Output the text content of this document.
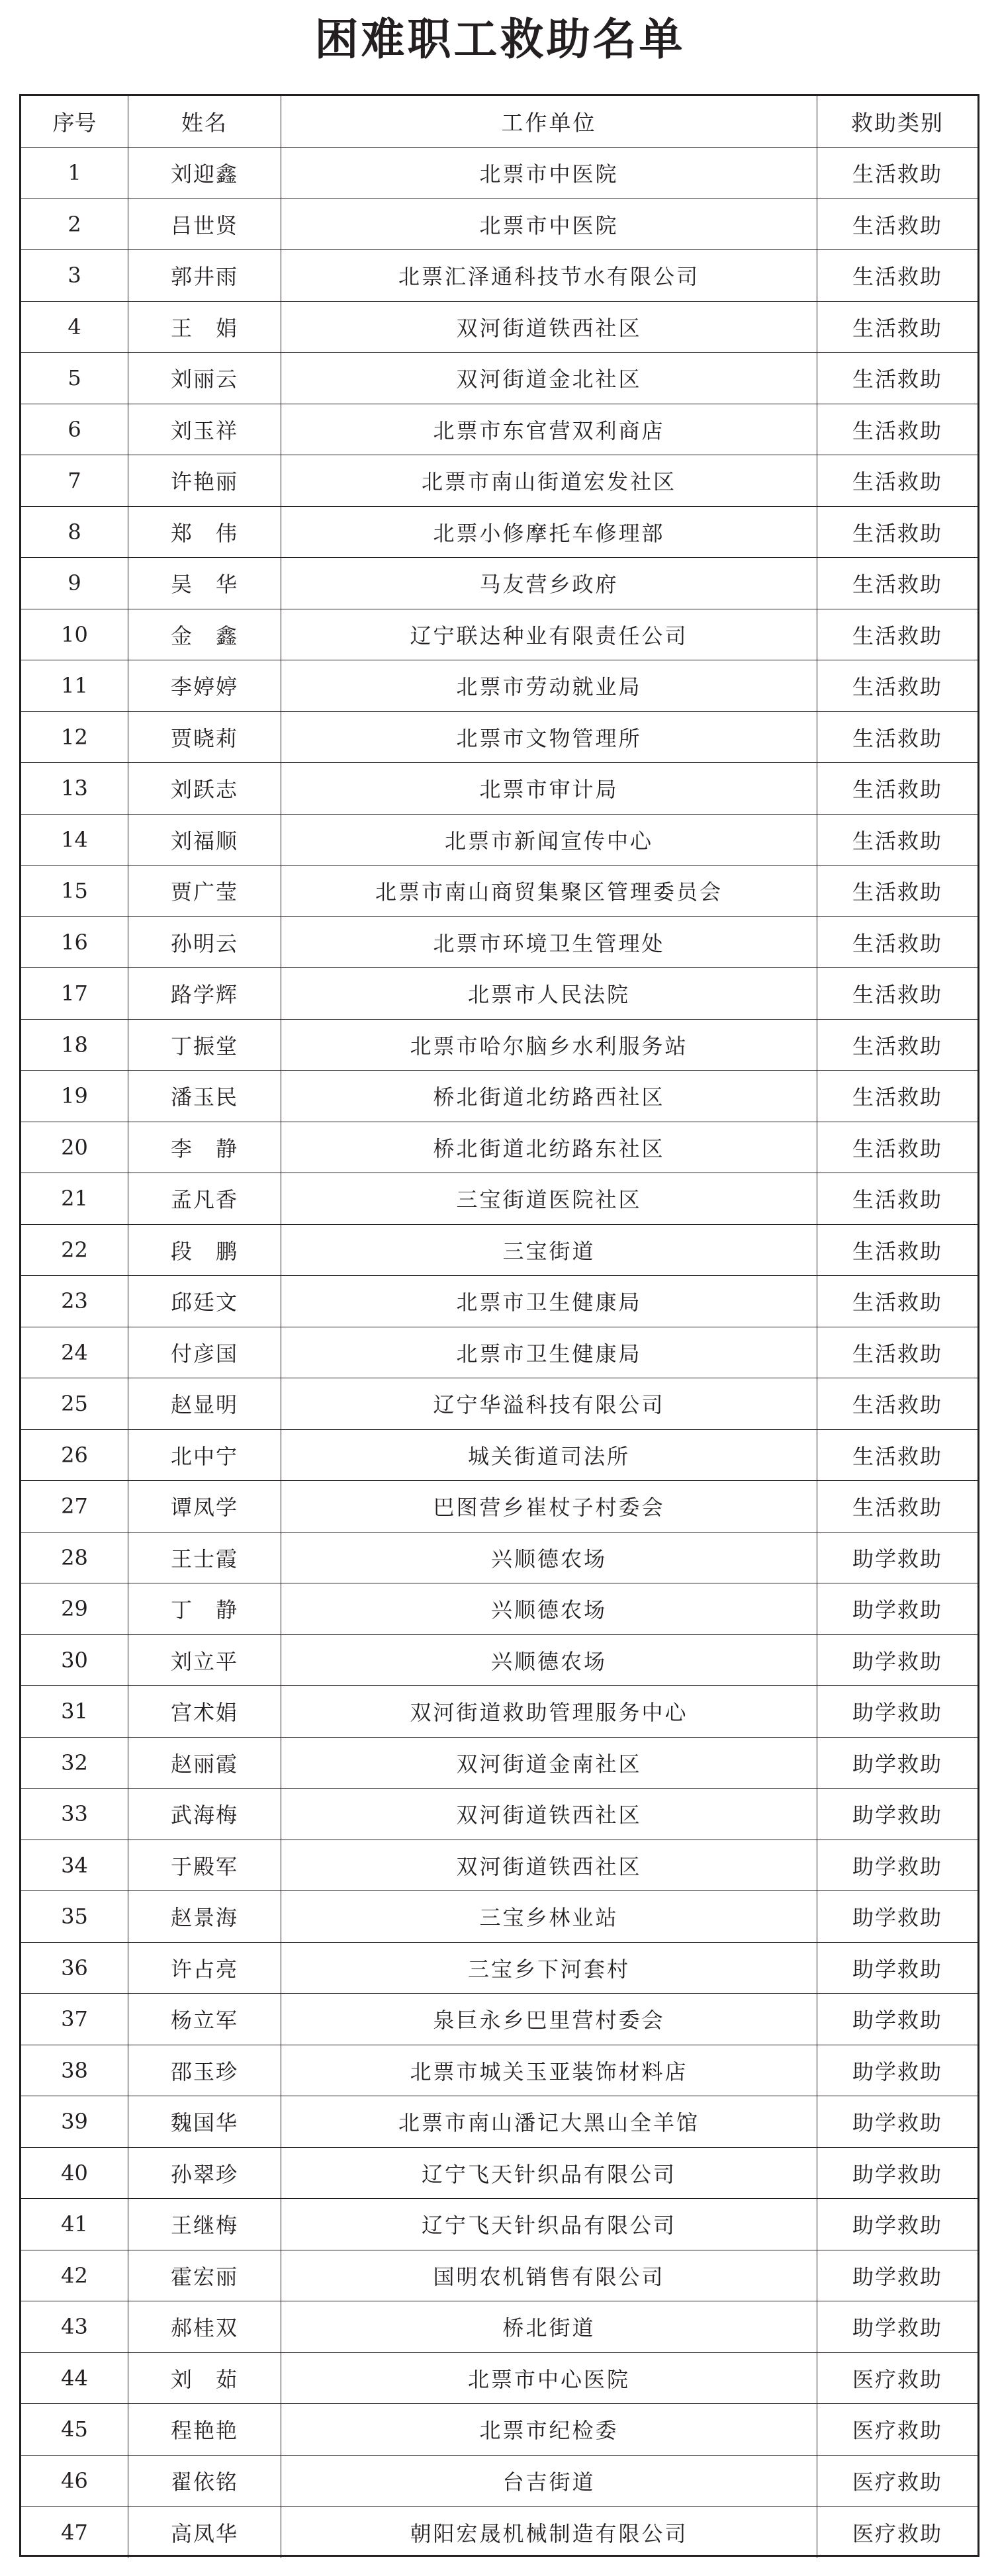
困难职工救助名单
序号	姓名	工作单位	救助类别
1	刘迎鑫	北票市中医院	生活救助
2	吕世贤	北票市中医院	生活救助
3	郭井雨	北票汇泽通科技节水有限公司	生活救助
4	王　娟	双河街道铁西社区	生活救助
5	刘丽云	双河街道金北社区	生活救助
6	刘玉祥	北票市东官营双利商店	生活救助
7	许艳丽	北票市南山街道宏发社区	生活救助
8	郑　伟	北票小修摩托车修理部	生活救助
9	吴　华	马友营乡政府	生活救助
10	金　鑫	辽宁联达种业有限责任公司	生活救助
11	李婷婷	北票市劳动就业局	生活救助
12	贾晓莉	北票市文物管理所	生活救助
13	刘跃志	北票市审计局	生活救助
14	刘福顺	北票市新闻宣传中心	生活救助
15	贾广莹	北票市南山商贸集聚区管理委员会	生活救助
16	孙明云	北票市环境卫生管理处	生活救助
17	路学辉	北票市人民法院	生活救助
18	丁振堂	北票市哈尔脑乡水利服务站	生活救助
19	潘玉民	桥北街道北纺路西社区	生活救助
20	李　静	桥北街道北纺路东社区	生活救助
21	孟凡香	三宝街道医院社区	生活救助
22	段　鹏	三宝街道	生活救助
23	邱廷文	北票市卫生健康局	生活救助
24	付彦国	北票市卫生健康局	生活救助
25	赵显明	辽宁华溢科技有限公司	生活救助
26	北中宁	城关街道司法所	生活救助
27	谭凤学	巴图营乡崔杖子村委会	生活救助
28	王士霞	兴顺德农场	助学救助
29	丁　静	兴顺德农场	助学救助
30	刘立平	兴顺德农场	助学救助
31	宫术娟	双河街道救助管理服务中心	助学救助
32	赵丽霞	双河街道金南社区	助学救助
33	武海梅	双河街道铁西社区	助学救助
34	于殿军	双河街道铁西社区	助学救助
35	赵景海	三宝乡林业站	助学救助
36	许占亮	三宝乡下河套村	助学救助
37	杨立军	泉巨永乡巴里营村委会	助学救助
38	邵玉珍	北票市城关玉亚装饰材料店	助学救助
39	魏国华	北票市南山潘记大黑山全羊馆	助学救助
40	孙翠珍	辽宁飞天针织品有限公司	助学救助
41	王继梅	辽宁飞天针织品有限公司	助学救助
42	霍宏丽	国明农机销售有限公司	助学救助
43	郝桂双	桥北街道	助学救助
44	刘　茹	北票市中心医院	医疗救助
45	程艳艳	北票市纪检委	医疗救助
46	翟依铭	台吉街道	医疗救助
47	高凤华	朝阳宏晟机械制造有限公司	医疗救助
